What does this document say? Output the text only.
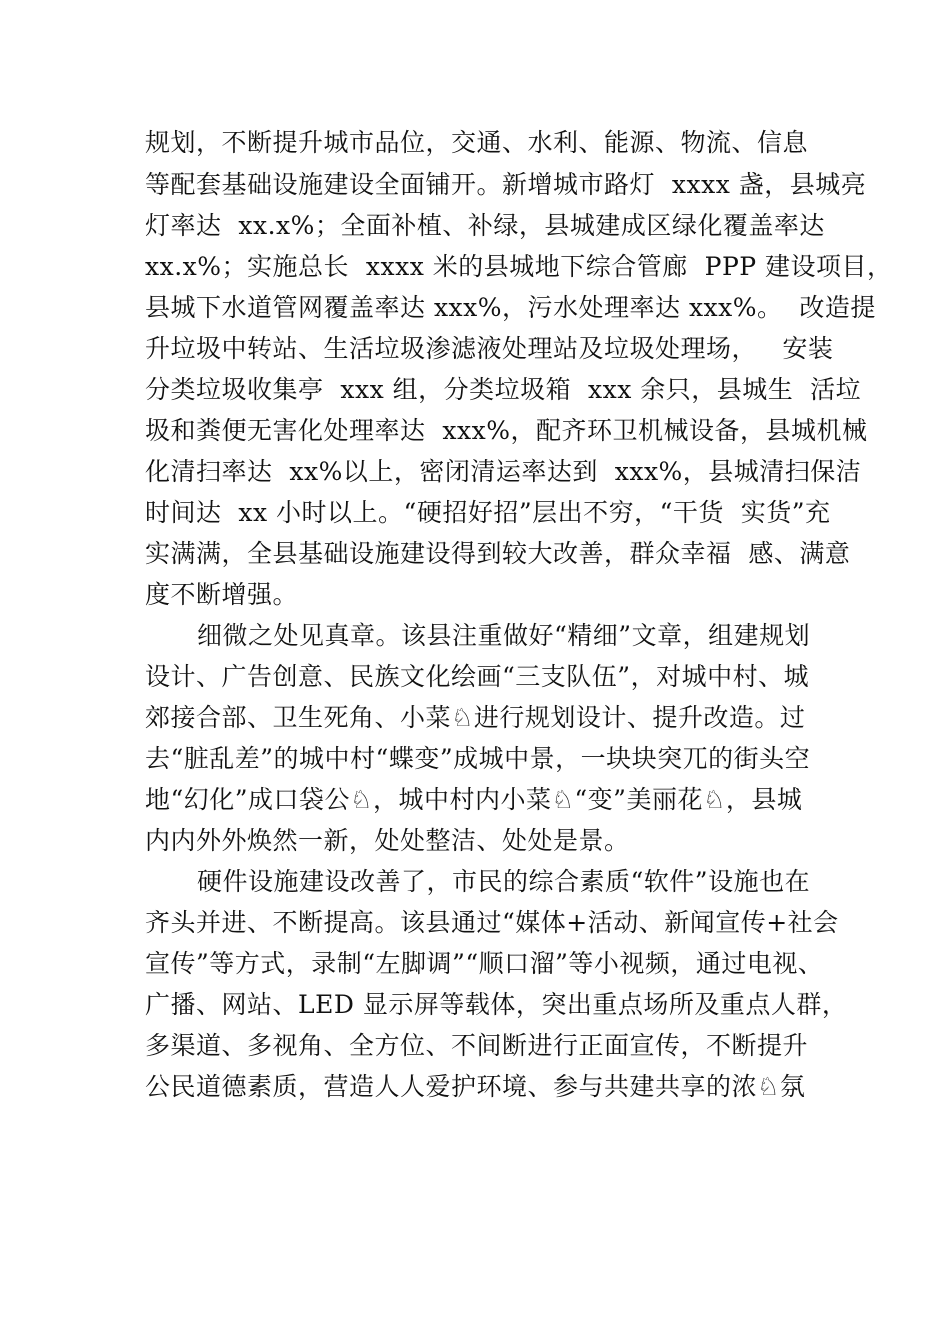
规划，不断提升城市品位，交通、水利、能源、物流、信息
等配套基础设施建设全面铺开。新增城市路灯  xxxx 盏，县城亮
灯率达  xx.x%；全面补植、补绿，县城建成区绿化覆盖率达
xx.x%；实施总长  xxxx 米的县城地下综合管廊  PPP 建设项目，
县城下水道管网覆盖率达 xxx%，污水处理率达 xxx%。  改造提
升垃圾中转站、生活垃圾渗滤液处理站及垃圾处理场，   安装
分类垃圾收集亭  xxx 组，分类垃圾箱  xxx 余只，县城生  活垃
圾和粪便无害化处理率达  xxx%，配齐环卫机械设备，县城机械
化清扫率达  xx%以上，密闭清运率达到  xxx%，县城清扫保洁
时间达  xx 小时以上。“硬招好招”层出不穷，“干货  实货”充
实满满，全县基础设施建设得到较大改善，群众幸福  感、满意
度不断增强。
细微之处见真章。该县注重做好“精细”文章，组建规划
设计、广告创意、民族文化绘画“三支队伍”，对城中村、城
郊接合部、卫生死角、小菜♘进行规划设计、提升改造。过
去“脏乱差”的城中村“蝶变”成城中景，一块块突兀的街头空
地“幻化”成口袋公♘，城中村内小菜♘“变”美丽花♘，县城
内内外外焕然一新，处处整洁、处处是景。
硬件设施建设改善了，市民的综合素质“软件”设施也在
齐头并进、不断提高。该县通过“媒体+活动、新闻宣传+社会
宣传”等方式，录制“左脚调”“顺口溜”等小视频，通过电视、
广播、网站、LED 显示屏等载体，突出重点场所及重点人群，
多渠道、多视角、全方位、不间断进行正面宣传，不断提升
公民道德素质，营造人人爱护环境、参与共建共享的浓♘氛
